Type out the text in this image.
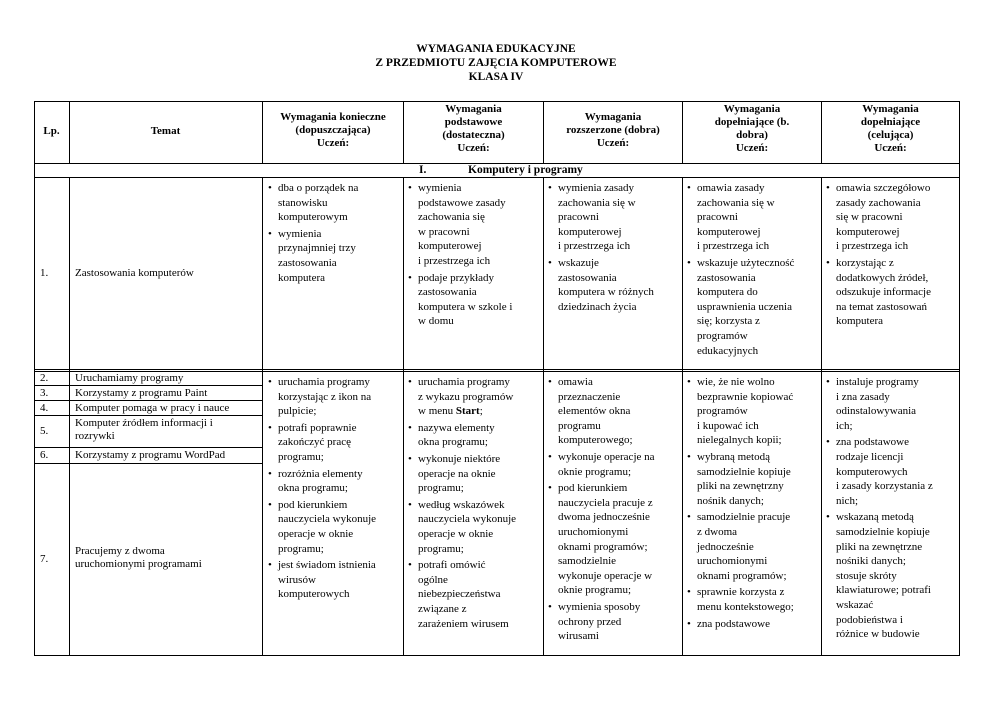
WYMAGANIA EDUKACYJNE
Z PRZEDMIOTU ZAJĘCIA KOMPUTEROWE
KLASA IV
Lp.	Temat
Wymagania konieczne
(dopuszczająca)
Uczeń:
Wymagania
podstawowe
(dostateczna)
Uczeń:
Wymagania
rozszerzone (dobra)
Uczeń:
Wymagania
dopełniające (b.
dobra)
Uczeń:
Wymagania
dopełniające
(celująca)
Uczeń:
I.	Komputery i programy
1. Zastosowania komputerów
• dba o porządek na
stanowisku
komputerowym
• wymienia
przynajmniej trzy
zastosowania
komputera
• wymienia
podstawowe zasady
zachowania się
w pracowni
komputerowej
i przestrzega ich
• podaje przykłady
zastosowania
komputera w szkole i
w domu
• wymienia zasady
zachowania się w
pracowni
komputerowej
i przestrzega ich
• wskazuje
zastosowania
komputera w różnych
dziedzinach życia
• omawia zasady
zachowania się w
pracowni
komputerowej
i przestrzega ich
• wskazuje użyteczność
zastosowania
komputera do
usprawnienia uczenia
się; korzysta z
programów
edukacyjnych
• omawia szczegółowo
zasady zachowania
się w pracowni
komputerowej
i przestrzega ich
• korzystając z
dodatkowych źródeł,
odszukuje informacje
na temat zastosowań
komputera
2. Uruchamiamy programy
3. Korzystamy z programu Paint
4. Komputer pomaga w pracy i nauce
5.
Komputer źródłem informacji i
rozrywki
6. Korzystamy z programu WordPad
7.
Pracujemy z dwoma
uruchomionymi programami
• uruchamia programy
korzystając z ikon na
pulpicie;
• potrafi poprawnie
zakończyć pracę
programu;
• rozróżnia elementy
okna programu;
• pod kierunkiem
nauczyciela wykonuje
operacje w oknie
programu;
• jest świadom istnienia
wirusów
komputerowych
• uruchamia programy
z wykazu programów
w menu Start;
• nazywa elementy
okna programu;
• wykonuje niektóre
operacje na oknie
programu;
• według wskazówek
nauczyciela wykonuje
operacje w oknie
programu;
• potrafi omówić
ogólne
niebezpieczeństwa
związane z
zarażeniem wirusem
• omawia
przeznaczenie
elementów okna
programu
komputerowego;
• wykonuje operacje na
oknie programu;
• pod kierunkiem
nauczyciela pracuje z
dwoma jednocześnie
uruchomionymi
oknami programów;
samodzielnie
wykonuje operacje w
oknie programu;
• wymienia sposoby
ochrony przed
wirusami
• wie, że nie wolno
bezprawnie kopiować
programów
i kupować ich
nielegalnych kopii;
• wybraną metodą
samodzielnie kopiuje
pliki na zewnętrzny
nośnik danych;
• samodzielnie pracuje
z dwoma
jednocześnie
uruchomionymi
oknami programów;
• sprawnie korzysta z
menu kontekstowego;
• zna podstawowe
• instaluje programy
i zna zasady
odinstalowywania
ich;
• zna podstawowe
rodzaje licencji
komputerowych
i zasady korzystania z
nich;
• wskazaną metodą
samodzielnie kopiuje
pliki na zewnętrzne
nośniki danych;
stosuje skróty
klawiaturowe; potrafi
wskazać
podobieństwa i
różnice w budowie
